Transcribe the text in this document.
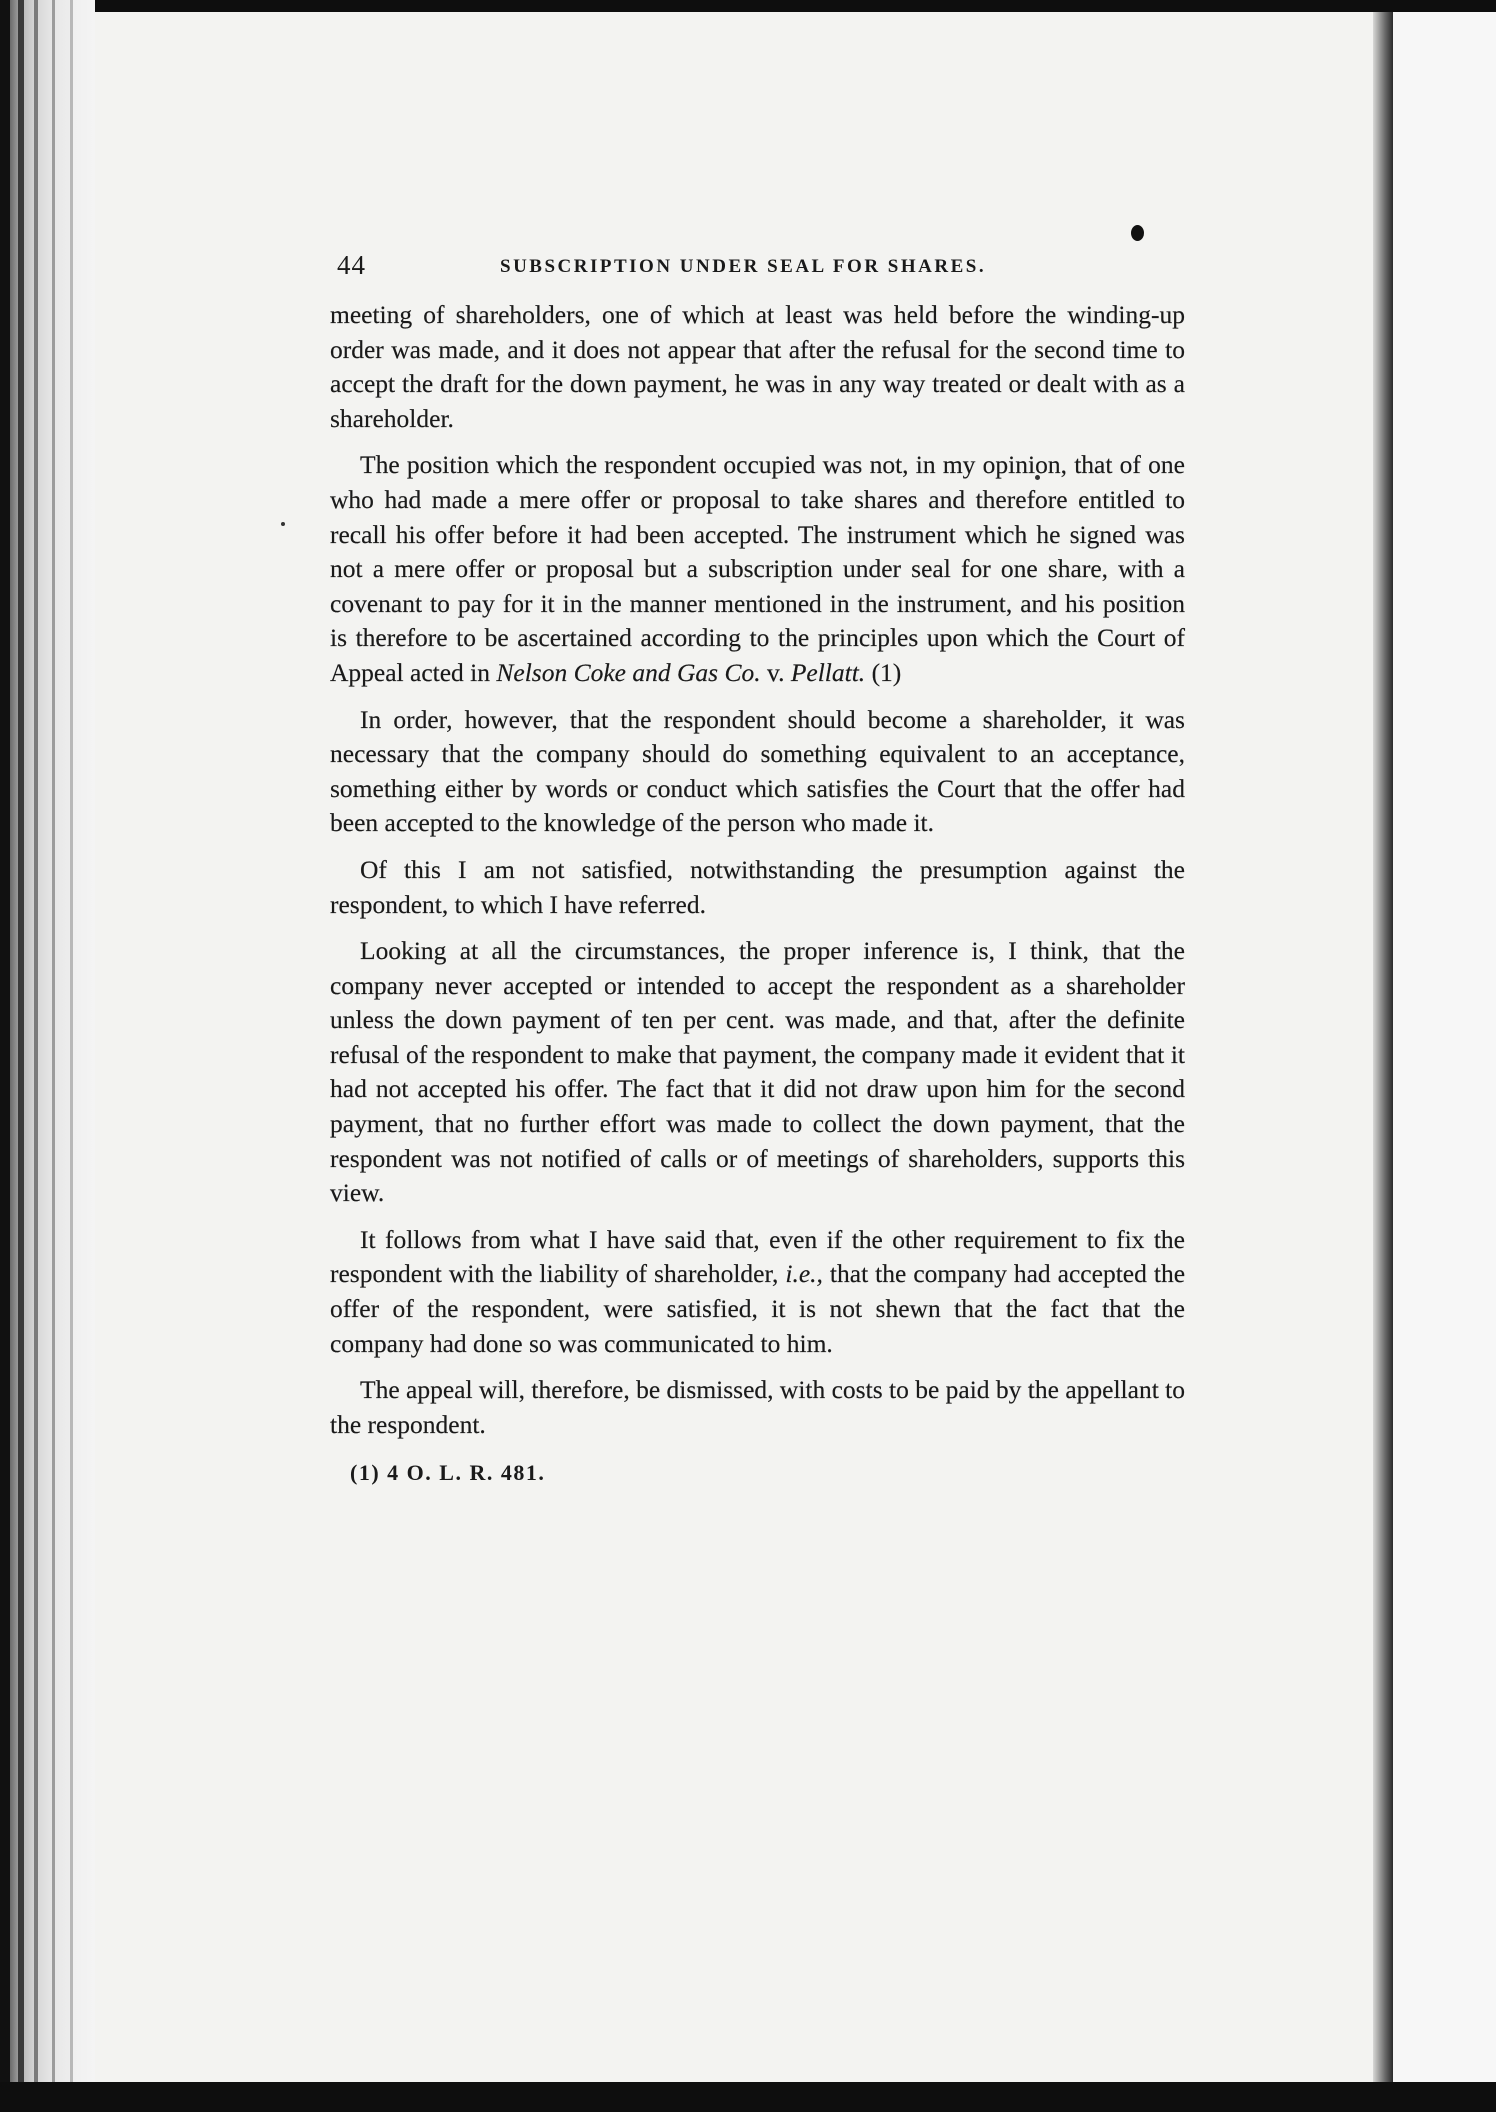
44	SUBSCRIPTION UNDER SEAL FOR SHARES.

meeting of shareholders, one of which at least was held before the winding-up order was made, and it does not appear that after the refusal for the second time to accept the draft for the down payment, he was in any way treated or dealt with as a shareholder.

The position which the respondent occupied was not, in my opinion, that of one who had made a mere offer or proposal to take shares and therefore entitled to recall his offer before it had been accepted. The instrument which he signed was not a mere offer or proposal but a subscription under seal for one share, with a covenant to pay for it in the manner mentioned in the instrument, and his position is therefore to be ascertained according to the principles upon which the Court of Appeal acted in Nelson Coke and Gas Co. v. Pellatt. (1)

In order, however, that the respondent should become a shareholder, it was necessary that the company should do something equivalent to an acceptance, something either by words or conduct which satisfies the Court that the offer had been accepted to the knowledge of the person who made it.

Of this I am not satisfied, notwithstanding the presumption against the respondent, to which I have referred.

Looking at all the circumstances, the proper inference is, I think, that the company never accepted or intended to accept the respondent as a shareholder unless the down payment of ten per cent. was made, and that, after the definite refusal of the respondent to make that payment, the company made it evident that it had not accepted his offer. The fact that it did not draw upon him for the second payment, that no further effort was made to collect the down payment, that the respondent was not notified of calls or of meetings of shareholders, supports this view.

It follows from what I have said that, even if the other requirement to fix the respondent with the liability of shareholder, i.e., that the company had accepted the offer of the respondent, were satisfied, it is not shewn that the fact that the company had done so was communicated to him.

The appeal will, therefore, be dismissed, with costs to be paid by the appellant to the respondent.

(1) 4 O. L. R. 481.
